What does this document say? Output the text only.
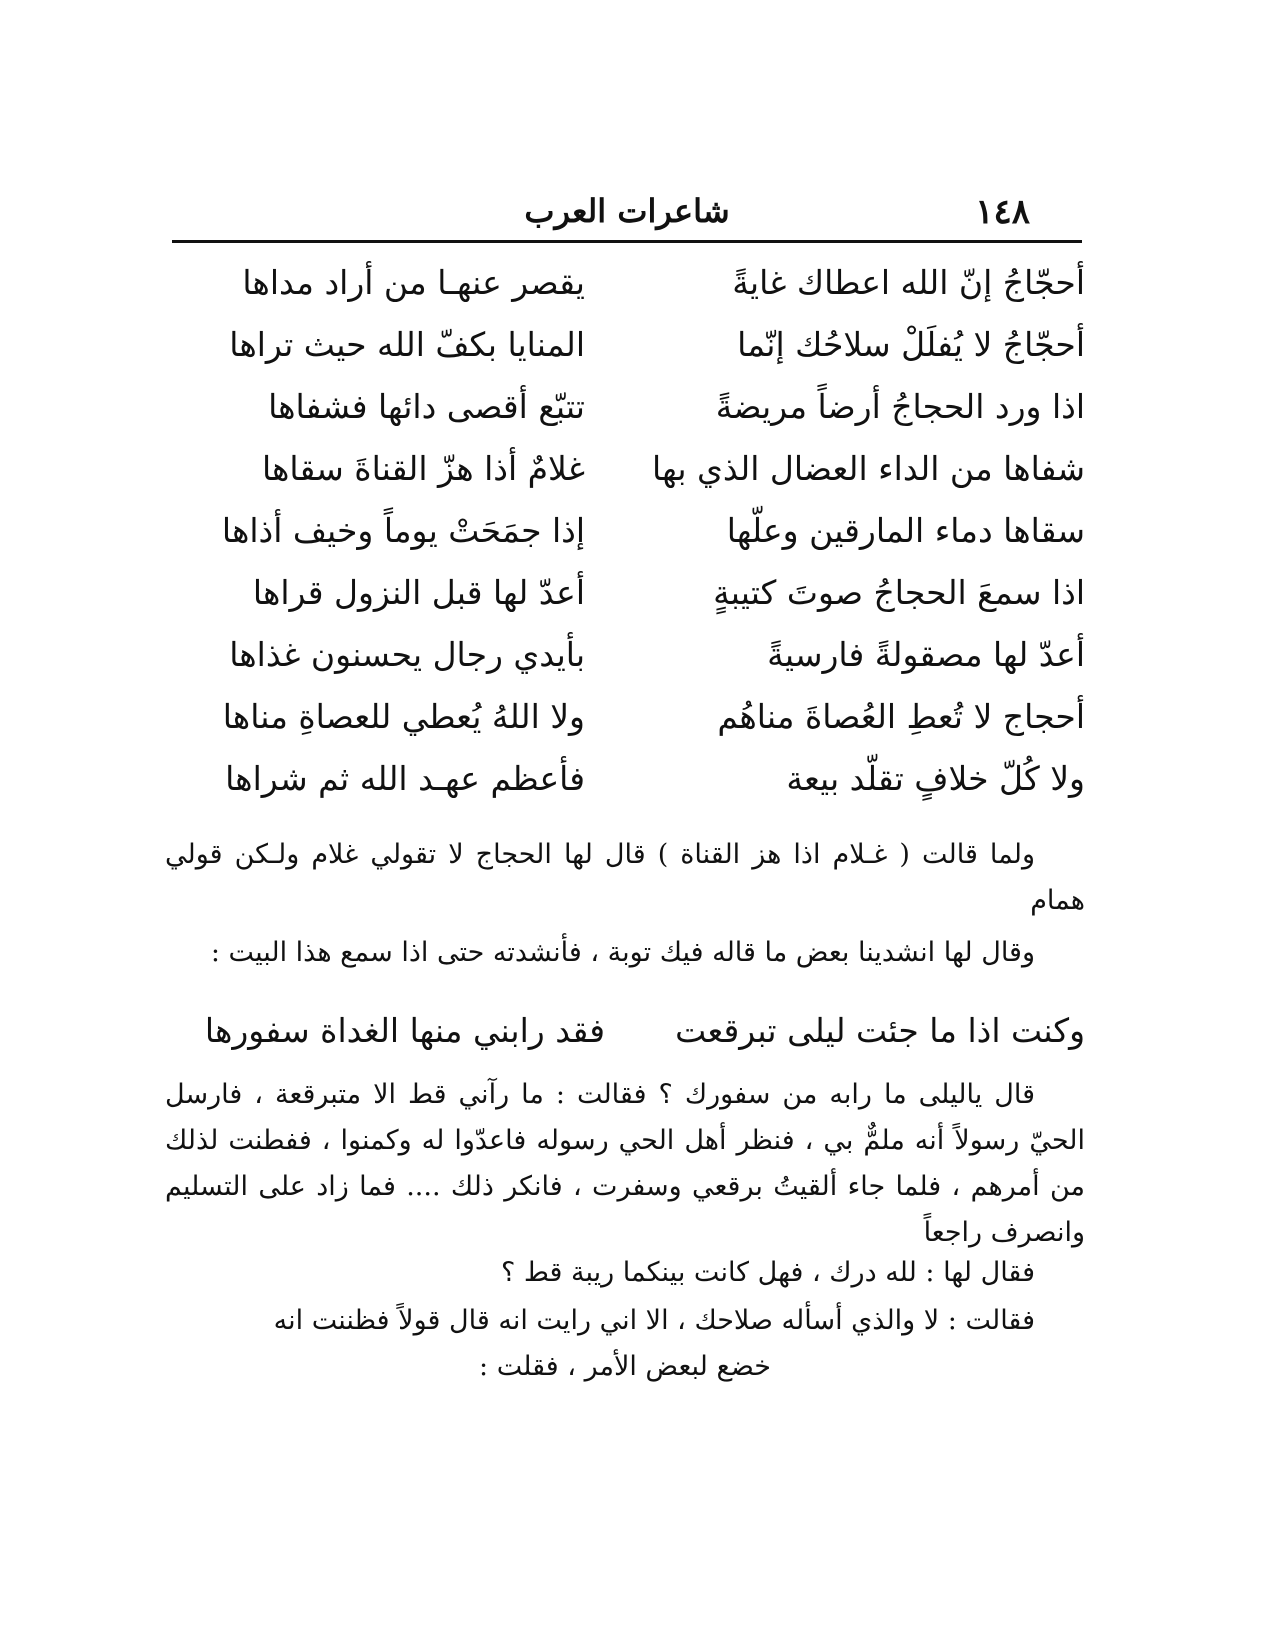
١٤٨
شاعرات العرب
أحجّاجُ إنّ الله اعطاك غايةً
يقصر عنهـا من أراد مداها
أحجّاجُ لا يُفلَلْ سلاحُك إنّما
المنايا بكفّ الله حيث تراها
اذا ورد الحجاجُ أرضاً مريضةً
تتبّع أقصى دائها فشفاها
شفاها من الداء العضال الذي بها
غلامٌ أذا هزّ القناةَ سقاها
سقاها دماء المارقين وعلّها
إذا جمَحَتْ يوماً وخيف أذاها
اذا سمعَ الحجاجُ صوتَ كتيبةٍ
أعدّ لها قبل النزول قراها
أعدّ لها مصقولةً فارسيةً
بأيدي رجال يحسنون غذاها
أحجاج لا تُعطِ العُصاةَ مناهُم
ولا اللهُ يُعطي للعصاةِ مناها
ولا كُلّ خلافٍ تقلّد بيعة
فأعظم عهـد الله ثم شراها

ولما قالت ( غـلام اذا هز القناة ) قال لها الحجاج لا تقولي غلام ولـكن قولي همام

وقال لها انشدينا بعض ما قاله فيك توبة ، فأنشدته حتى اذا سمع هذا البيت :

وكنت اذا ما جئت ليلى تبرقعت
فقد رابني منها الغداة سفورها

قال ياليلى ما رابه من سفورك ؟ فقالت : ما رآني قط الا متبرقعة ، فارسل الحيّ رسولاً أنه ملمٌّ بي ، فنظر أهل الحي رسوله فاعدّوا له وكمنوا ، ففطنت لذلك من أمرهم ، فلما جاء ألقيتُ برقعي وسفرت ، فانكر ذلك .... فما زاد على التسليم وانصرف راجعاً

فقال لها : لله درك ، فهل كانت بينكما ريبة قط ؟

فقالت : لا والذي أسأله صلاحك ، الا اني رايت انه قال قولاً فظننت انه

خضع لبعض الأمر ، فقلت :
